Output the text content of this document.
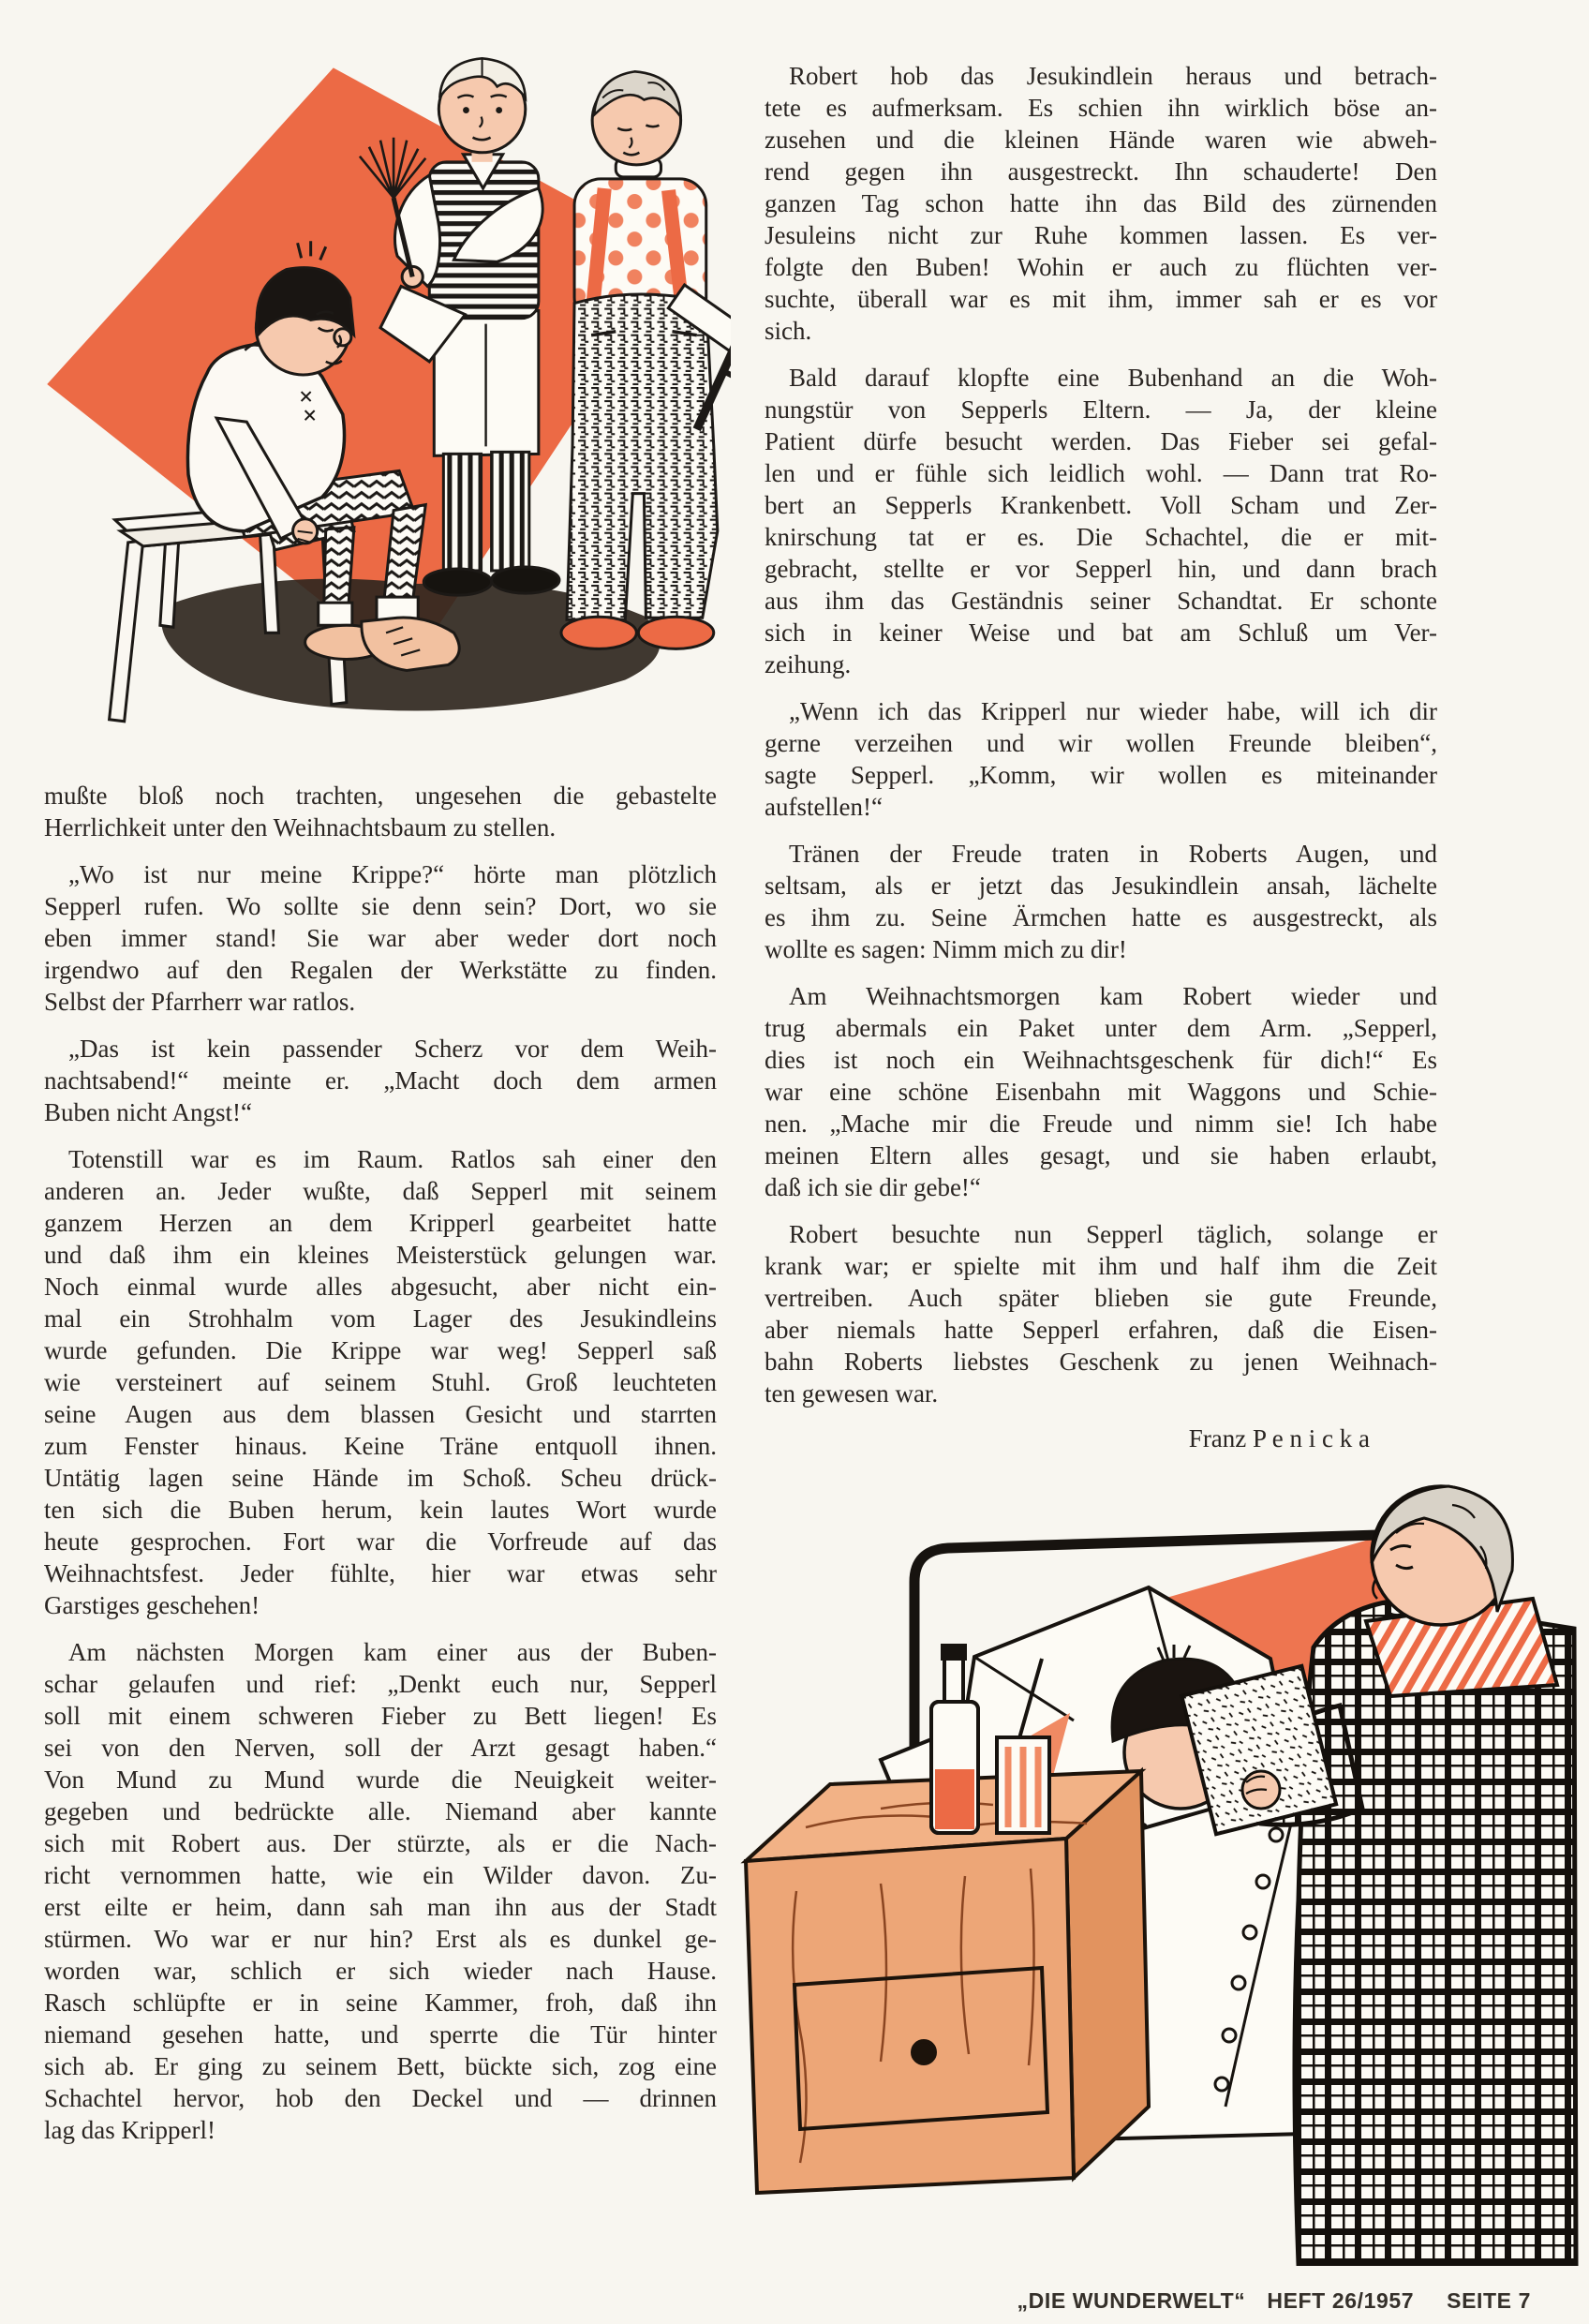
mußte bloß noch trachten, ungesehen die gebastelte
Herrlichkeit unter den Weihnachtsbaum zu stellen.
„Wo ist nur meine Krippe?“ hörte man plötzlich
Sepperl rufen. Wo sollte sie denn sein? Dort, wo sie
eben immer stand! Sie war aber weder dort noch
irgendwo auf den Regalen der Werkstätte zu finden.
Selbst der Pfarrherr war ratlos.
„Das ist kein passender Scherz vor dem Weih-
nachtsabend!“ meinte er. „Macht doch dem armen
Buben nicht Angst!“
Totenstill war es im Raum. Ratlos sah einer den
anderen an. Jeder wußte, daß Sepperl mit seinem
ganzem Herzen an dem Kripperl gearbeitet hatte
und daß ihm ein kleines Meisterstück gelungen war.
Noch einmal wurde alles abgesucht, aber nicht ein-
mal ein Strohhalm vom Lager des Jesukindleins
wurde gefunden. Die Krippe war weg! Sepperl saß
wie versteinert auf seinem Stuhl. Groß leuchteten
seine Augen aus dem blassen Gesicht und starrten
zum Fenster hinaus. Keine Träne entquoll ihnen.
Untätig lagen seine Hände im Schoß. Scheu drück-
ten sich die Buben herum, kein lautes Wort wurde
heute gesprochen. Fort war die Vorfreude auf das
Weihnachtsfest. Jeder fühlte, hier war etwas sehr
Garstiges geschehen!
Am nächsten Morgen kam einer aus der Buben-
schar gelaufen und rief: „Denkt euch nur, Sepperl
soll mit einem schweren Fieber zu Bett liegen! Es
sei von den Nerven, soll der Arzt gesagt haben.“
Von Mund zu Mund wurde die Neuigkeit weiter-
gegeben und bedrückte alle. Niemand aber kannte
sich mit Robert aus. Der stürzte, als er die Nach-
richt vernommen hatte, wie ein Wilder davon. Zu-
erst eilte er heim, dann sah man ihn aus der Stadt
stürmen. Wo war er nur hin? Erst als es dunkel ge-
worden war, schlich er sich wieder nach Hause.
Rasch schlüpfte er in seine Kammer, froh, daß ihn
niemand gesehen hatte, und sperrte die Tür hinter
sich ab. Er ging zu seinem Bett, bückte sich, zog eine
Schachtel hervor, hob den Deckel und — drinnen
lag das Kripperl!
Robert hob das Jesukindlein heraus und betrach-
tete es aufmerksam. Es schien ihn wirklich böse an-
zusehen und die kleinen Hände waren wie abweh-
rend gegen ihn ausgestreckt. Ihn schauderte! Den
ganzen Tag schon hatte ihn das Bild des zürnenden
Jesuleins nicht zur Ruhe kommen lassen. Es ver-
folgte den Buben! Wohin er auch zu flüchten ver-
suchte, überall war es mit ihm, immer sah er es vor
sich.
Bald darauf klopfte eine Bubenhand an die Woh-
nungstür von Sepperls Eltern. — Ja, der kleine
Patient dürfe besucht werden. Das Fieber sei gefal-
len und er fühle sich leidlich wohl. — Dann trat Ro-
bert an Sepperls Krankenbett. Voll Scham und Zer-
knirschung tat er es. Die Schachtel, die er mit-
gebracht, stellte er vor Sepperl hin, und dann brach
aus ihm das Geständnis seiner Schandtat. Er schonte
sich in keiner Weise und bat am Schluß um Ver-
zeihung.
„Wenn ich das Kripperl nur wieder habe, will ich dir
gerne verzeihen und wir wollen Freunde bleiben“,
sagte Sepperl. „Komm, wir wollen es miteinander
aufstellen!“
Tränen der Freude traten in Roberts Augen, und
seltsam, als er jetzt das Jesukindlein ansah, lächelte
es ihm zu. Seine Ärmchen hatte es ausgestreckt, als
wollte es sagen: Nimm mich zu dir!
Am Weihnachtsmorgen kam Robert wieder und
trug abermals ein Paket unter dem Arm. „Sepperl,
dies ist noch ein Weihnachtsgeschenk für dich!“ Es
war eine schöne Eisenbahn mit Waggons und Schie-
nen. „Mache mir die Freude und nimm sie! Ich habe
meinen Eltern alles gesagt, und sie haben erlaubt,
daß ich sie dir gebe!“
Robert besuchte nun Sepperl täglich, solange er
krank war; er spielte mit ihm und half ihm die Zeit
vertreiben. Auch später blieben sie gute Freunde,
aber niemals hatte Sepperl erfahren, daß die Eisen-
bahn Roberts liebstes Geschenk zu jenen Weihnach-
ten gewesen war.
Franz P e n i c k a
„DIE WUNDERWELT“ HEFT 26/1957 SEITE 7
